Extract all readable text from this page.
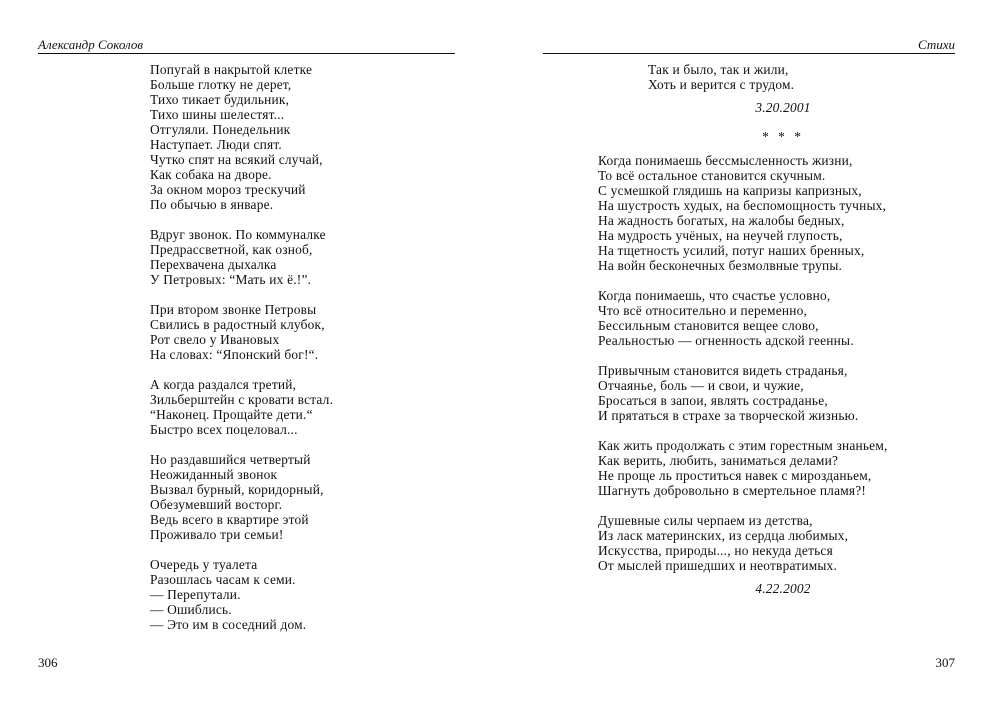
Александр Соколов
Попугай в накрытой клетке
Больше глотку не дерет,
Тихо тикает будильник,
Тихо шины шелестят...
Отгуляли. Понедельник
Наступает. Люди спят.
Чутко спят на всякий случай,
Как собака на дворе.
За окном мороз трескучий
По обычью в январе.
Вдруг звонок. По коммуналке
Предрассветной, как озноб,
Перехвачена дыхалка
У Петровых: “Мать их ё.!”.
При втором звонке Петровы
Свились в радостный клубок,
Рот свело у Ивановых
На словах: “Японский бог!“.
А когда раздался третий,
Зильберштейн с кровати встал.
“Наконец. Прощайте дети.“
Быстро всех поцеловал...
Но раздавшийся четвертый
Неожиданный звонок
Вызвал бурный, коридорный,
Обезумевший восторг.
Ведь всего в квартире этой
Проживало три семьи!
Очередь у туалета
Разошлась часам к семи.
— Перепутали.
— Ошиблись.
— Это им в соседний дом.
306
Стихи
Так и было, так и жили,
Хоть и верится с трудом.
3.20.2001
* * *
Когда понимаешь бессмысленность жизни,
То всё остальное становится скучным.
С усмешкой глядишь на капризы капризных,
На шустрость худых, на беспомощность тучных,
На жадность богатых, на жалобы бедных,
На мудрость учёных, на неучей глупость,
На тщетность усилий, потуг наших бренных,
На войн бесконечных безмолвные трупы.
Когда понимаешь, что счастье условно,
Что всё относительно и переменно,
Бессильным становится вещее слово,
Реальностью — огненность адской геенны.
Привычным становится видеть страданья,
Отчаянье, боль — и свои, и чужие,
Бросаться в запои, являть состраданье,
И прятаться в страхе за творческой жизнью.
Как жить продолжать с этим горестным знаньем,
Как верить, любить, заниматься делами?
Не проще ль проститься навек с мирозданьем,
Шагнуть добровольно в смертельное пламя?!
Душевные силы черпаем из детства,
Из ласк материнских, из сердца любимых,
Искусства, природы..., но некуда деться
От мыслей пришедших и неотвратимых.
4.22.2002
307
